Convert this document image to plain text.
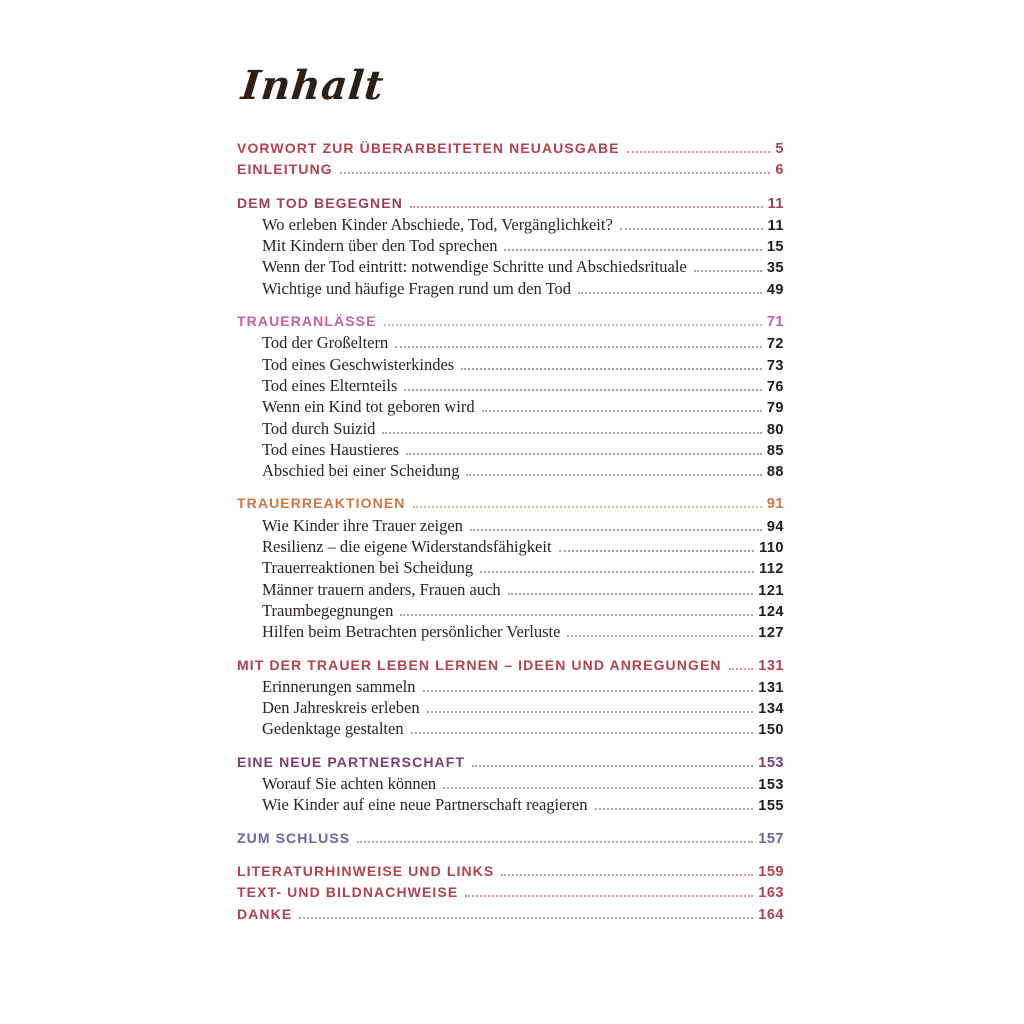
Inhalt
VORWORT ZUR ÜBERARBEITETEN NEUAUSGABE	5
EINLEITUNG	6
DEM TOD BEGEGNEN	11
Wo erleben Kinder Abschiede, Tod, Vergänglichkeit?	11
Mit Kindern über den Tod sprechen	15
Wenn der Tod eintritt: notwendige Schritte und Abschiedsrituale	35
Wichtige und häufige Fragen rund um den Tod	49
TRAUERANLÄSSE	71
Tod der Großeltern	72
Tod eines Geschwisterkindes	73
Tod eines Elternteils	76
Wenn ein Kind tot geboren wird	79
Tod durch Suizid	80
Tod eines Haustieres	85
Abschied bei einer Scheidung	88
TRAUERREAKTIONEN	91
Wie Kinder ihre Trauer zeigen	94
Resilienz – die eigene Widerstandsfähigkeit	110
Trauerreaktionen bei Scheidung	112
Männer trauern anders, Frauen auch	121
Traumbegegnungen	124
Hilfen beim Betrachten persönlicher Verluste	127
MIT DER TRAUER LEBEN LERNEN – IDEEN UND ANREGUNGEN	131
Erinnerungen sammeln	131
Den Jahreskreis erleben	134
Gedenktage gestalten	150
EINE NEUE PARTNERSCHAFT	153
Worauf Sie achten können	153
Wie Kinder auf eine neue Partnerschaft reagieren	155
ZUM SCHLUSS	157
LITERATURHINWEISE UND LINKS	159
TEXT- UND BILDNACHWEISE	163
DANKE	164
